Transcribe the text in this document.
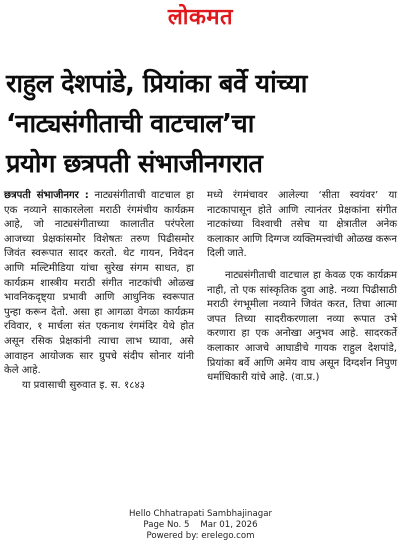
लोकमत
राहुल देशपांडे, प्रियांका बर्वे यांच्या
‘नाट्यसंगीताची वाटचाल’चा
प्रयोग छत्रपती संभाजीनगरात

छत्रपती संभाजीनगर : नाट्यसंगीताची वाटचाल हा एक नव्याने साकारलेला मराठी रंगमंचीय कार्यक्रम आहे, जो नाट्यसंगीताच्या कालातीत परंपरेला आजच्या प्रेक्षकांसमोर विशेषतः तरुण पिढीसमोर जिवंत स्वरूपात सादर करतो. थेट गायन, निवेदन आणि मल्टिमीडिया यांचा सुरेख संगम साधत, हा कार्यक्रम शास्त्रीय मराठी संगीत नाटकांची ओळख भावनिकदृष्ट्या प्रभावी आणि आधुनिक स्वरूपात पुन्हा करून देतो. असा हा आगळा वेगळा कार्यक्रम रविवार, १ मार्चला संत एकनाथ रंगमंदिर येथे होत असून रसिक प्रेक्षकांनी त्याचा लाभ घ्यावा, असे आवाहन आयोजक सार ग्रुपचे संदीप सोनार यांनी केले आहे.

या प्रवासाची सुरुवात इ. स. १८४३

मध्ये रंगमंचावर आलेल्या ‘सीता स्वयंवर’ या नाटकापासून होते आणि त्यानंतर प्रेक्षकांना संगीत नाटकांच्या विश्वाची तसेच या क्षेत्रातील अनेक कलाकार आणि दिग्गज व्यक्तिमत्त्वांची ओळख करून दिली जाते.

नाट्यसंगीताची वाटचाल हा केवळ एक कार्यक्रम नाही, तो एक सांस्कृतिक दुवा आहे. नव्या पिढीसाठी मराठी रंगभूमीला नव्याने जिवंत करत, तिचा आत्मा जपत तिच्या सादरीकरणाला नव्या रूपात उभे करणारा हा एक अनोखा अनुभव आहे. सादरकर्ते कलाकार आजचे आघाडीचे गायक राहुल देशपांडे, प्रियांका बर्वे आणि अमेय वाघ असून दिग्दर्शन निपुण धर्माधिकारी यांचे आहे. (वा.प्र.)

Hello Chhatrapati Sambhajinagar
Page No. 5 Mar 01, 2026
Powered by: erelego.com
